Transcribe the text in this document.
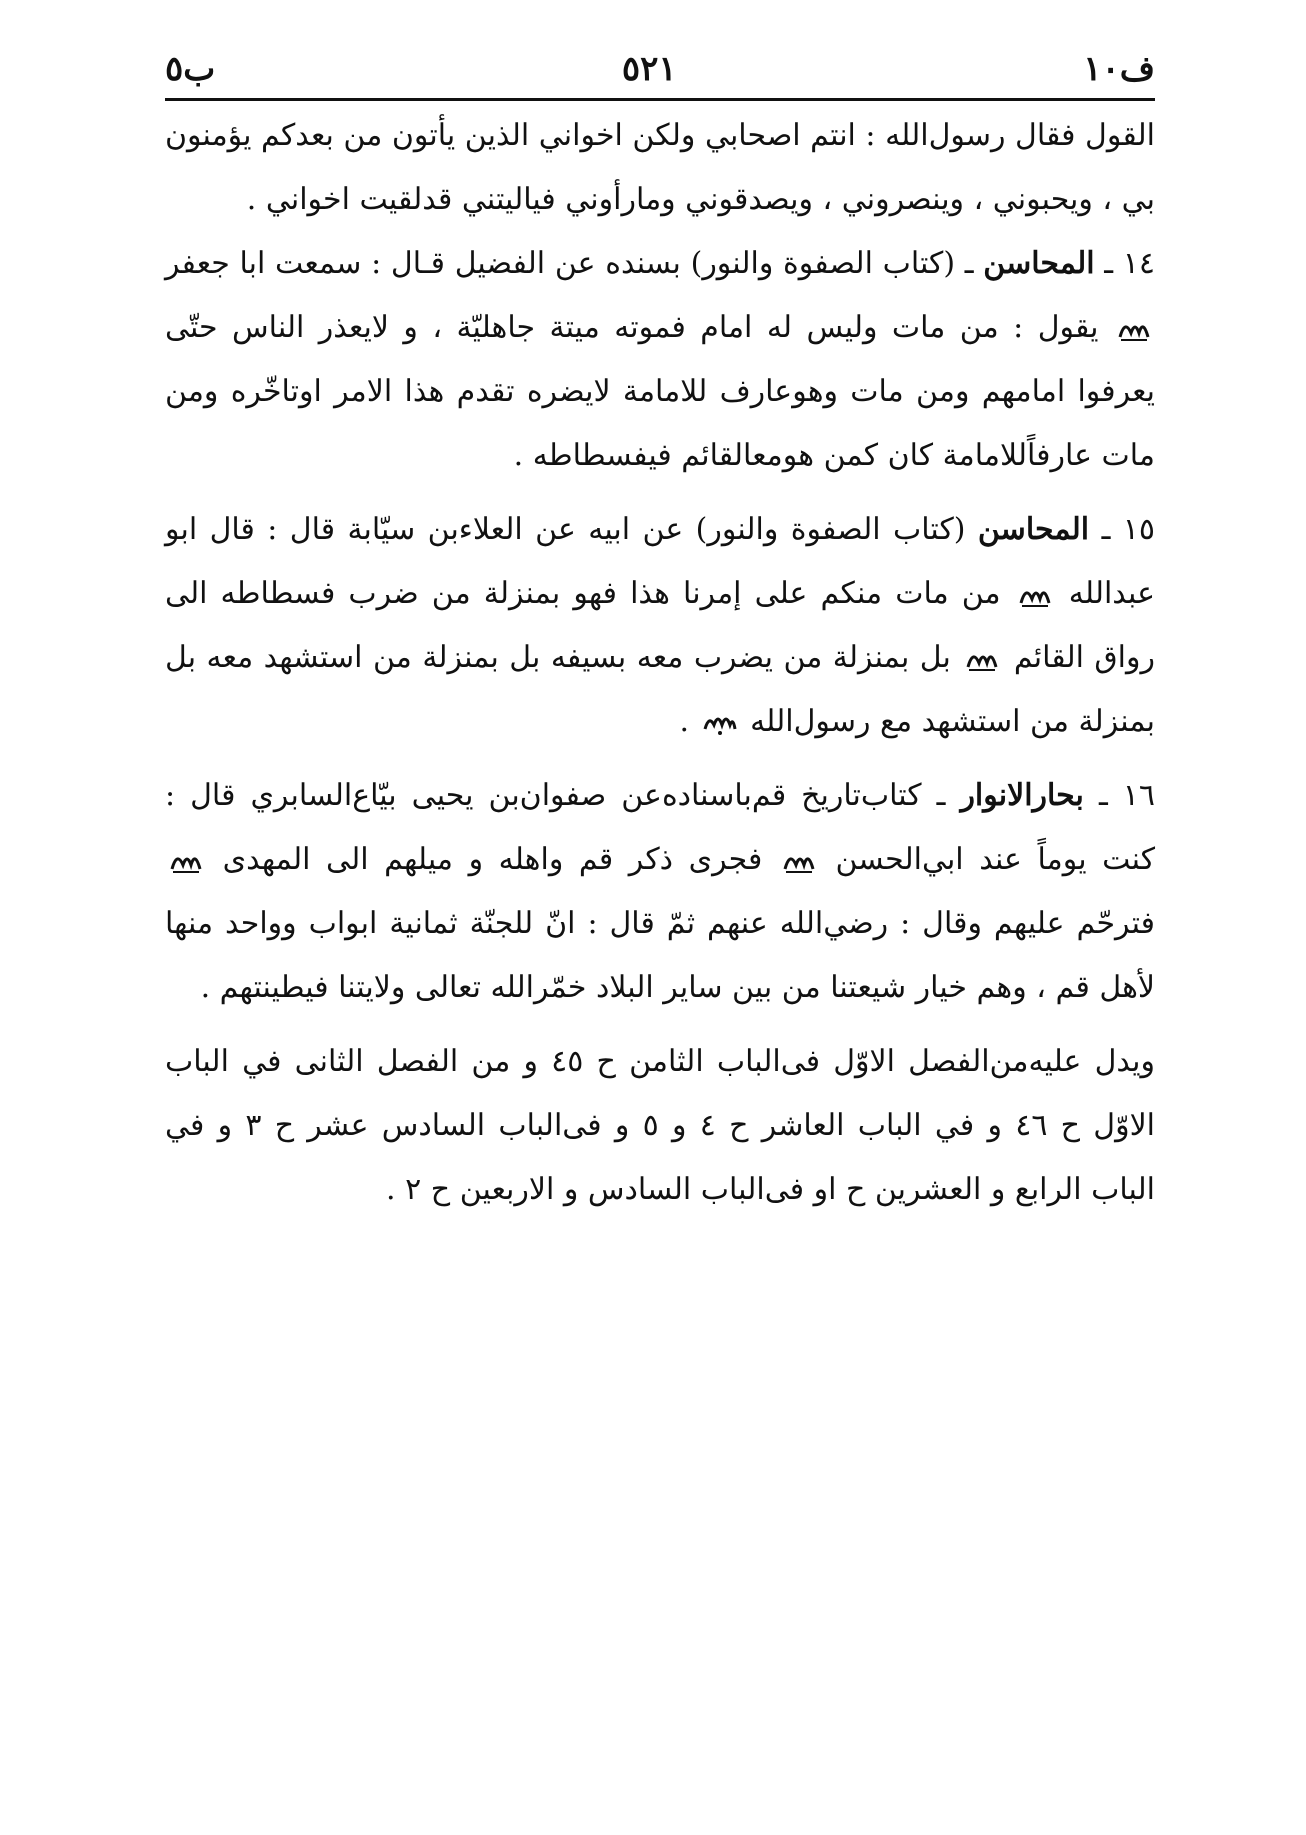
ب٥	٥٢١	ف١٠

القول فقال رسول‌الله : انتم اصحابي ولكن اخواني الذين يأتون من بعدكم يؤمنون بي ، ويحبوني ، وينصروني ، ويصدقوني ومارأوني فياليتني قدلقيت اخواني .

١٤ ـ المحاسن ـ (كتاب الصفوة والنور) بسنده عن الفضيل قـال : سمعت ابا جعفر  يقول : من مات وليس له امام فموته ميتة جاهليّة ، و لايعذر الناس حتّى يعرفوا امامهم ومن مات وهوعارف للامامة لايضره تقدم هذا الامر اوتاخّره ومن مات عارفاًللامامة كان كمن هومعالقائم فيفسطاطه .

١٥ ـ المحاسن (كتاب الصفوة والنور) عن ابيه عن العلاءبن سيّابة قال : قال ابو عبدالله  من مات منكم على إمرنا هذا فهو بمنزلة من ضرب فسطاطه الى رواق القائم  بل بمنزلة من يضرب معه بسيفه بل بمنزلة من استشهد معه بل بمنزلة من استشهد مع رسول‌الله  .

١٦ ـ بحارالانوار ـ كتاب‌تاريخ قم‌باسناده‌عن صفوان‌بن يحيى بيّاع‌السابري قال : كنت يوماً عند ابي‌الحسن  فجرى ذكر قم واهله و ميلهم الى المهدى  فترحّم عليهم وقال : رضي‌الله عنهم ثمّ قال : انّ للجنّة ثمانية ابواب وواحد منها لأهل قم ، وهم خيار شيعتنا من بين ساير البلاد خمّرالله تعالى ولايتنا فيطينتهم .

ويدل عليه‌من‌الفصل الاوّل فى‌الباب الثامن ح ٤٥ و من الفصل الثانى في الباب الاوّل ح ٤٦ و في الباب العاشر ح ٤ و ٥ و فى‌الباب السادس عشر ح ٣ و في الباب الرابع و العشرين ح او فى‌الباب السادس و الاربعين ح ٢ .
